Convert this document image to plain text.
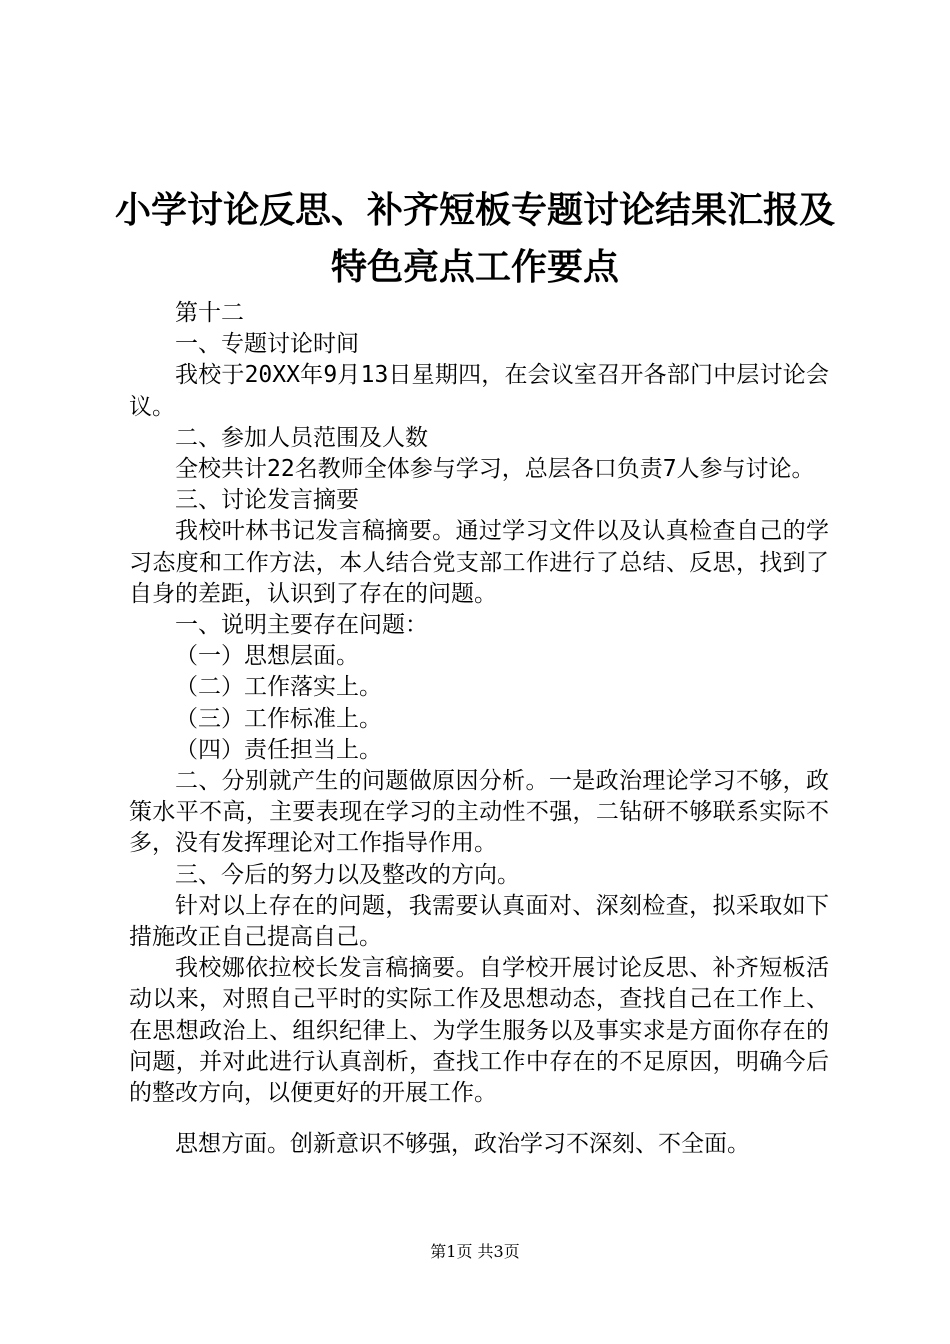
小学讨论反思、补齐短板专题讨论结果汇报及
特色亮点工作要点

第十二

一、专题讨论时间

我校于20XX年9月13日星期四，在会议室召开各部门中层讨论会议。

二、参加人员范围及人数

全校共计22名教师全体参与学习，总层各口负责7人参与讨论。

三、讨论发言摘要

我校叶林书记发言稿摘要。通过学习文件以及认真检查自己的学习态度和工作方法，本人结合党支部工作进行了总结、反思，找到了自身的差距，认识到了存在的问题。

一、说明主要存在问题：

（一）思想层面。

（二）工作落实上。

（三）工作标准上。

（四）责任担当上。

二、分别就产生的问题做原因分析。一是政治理论学习不够，政策水平不高，主要表现在学习的主动性不强，二钻研不够联系实际不多，没有发挥理论对工作指导作用。

三、今后的努力以及整改的方向。

针对以上存在的问题，我需要认真面对、深刻检查，拟采取如下措施改正自己提高自己。

我校娜依拉校长发言稿摘要。自学校开展讨论反思、补齐短板活动以来，对照自己平时的实际工作及思想动态，查找自己在工作上、在思想政治上、组织纪律上、为学生服务以及事实求是方面你存在的问题，并对此进行认真剖析，查找工作中存在的不足原因，明确今后的整改方向，以便更好的开展工作。

思想方面。创新意识不够强，政治学习不深刻、不全面。

第1页 共3页
